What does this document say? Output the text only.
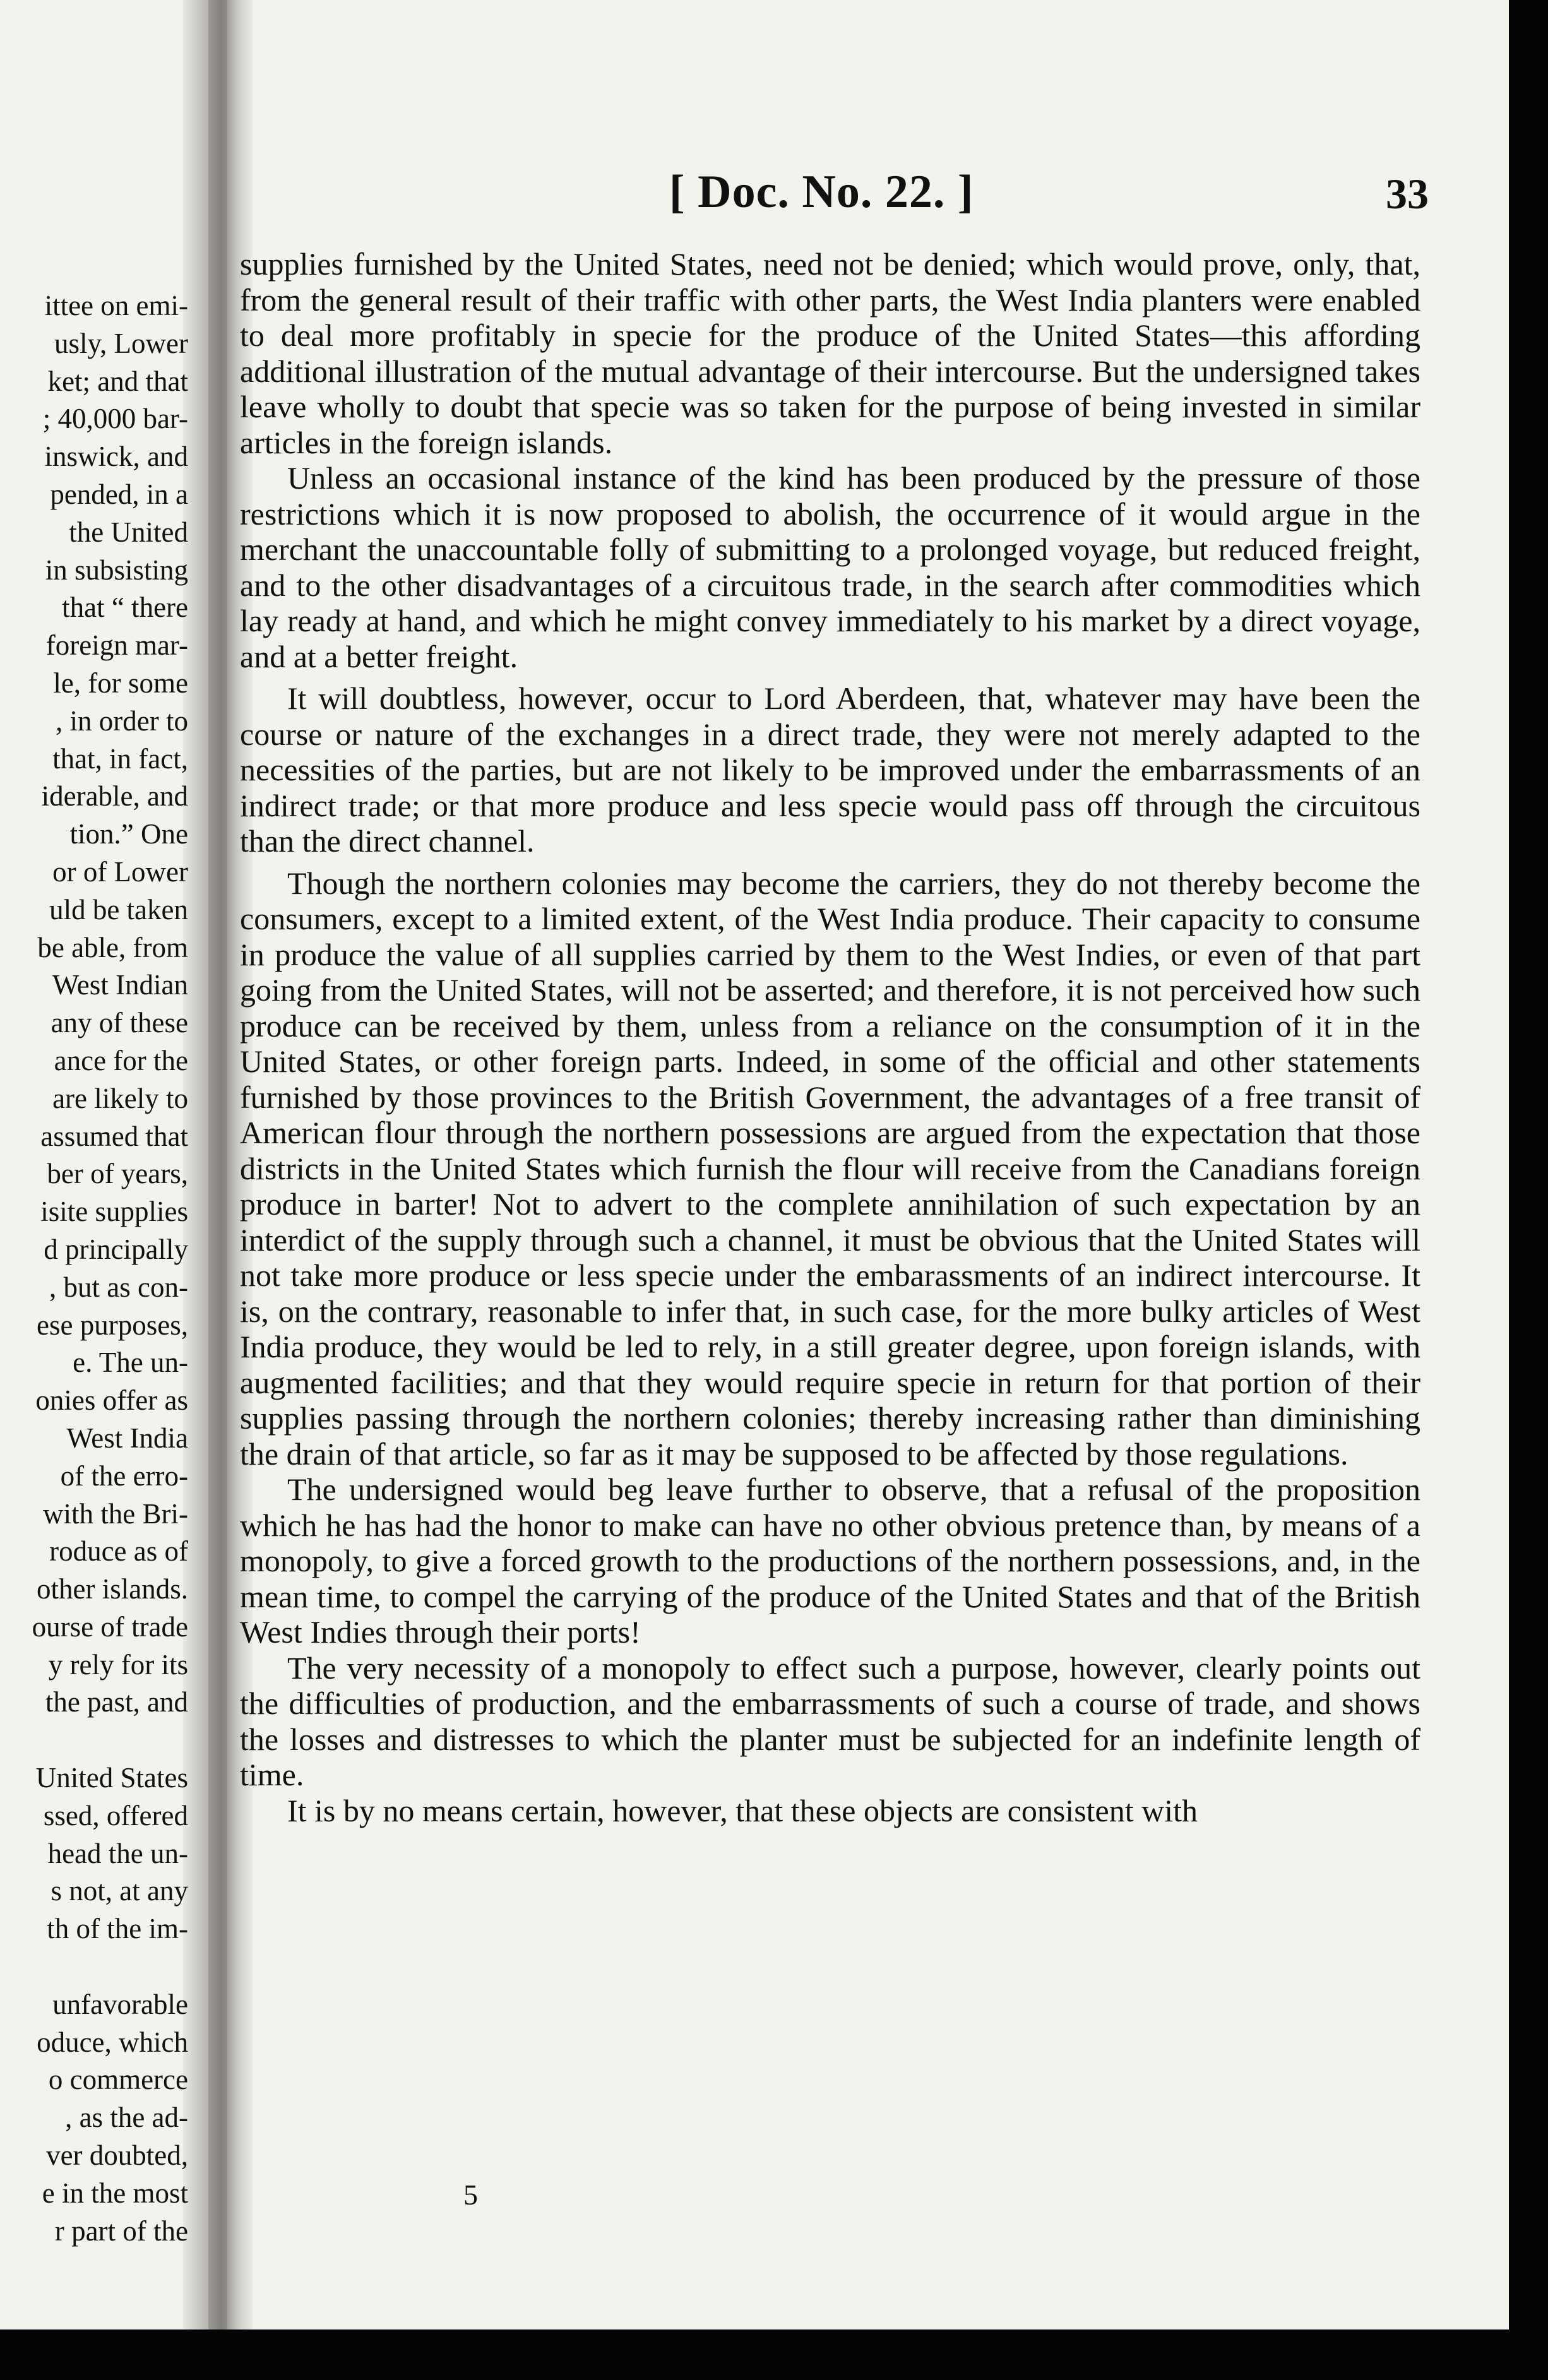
ittee on emi-
usly, Lower
ket; and that
; 40,000 bar-
inswick, and
pended, in a
the United
in subsisting
that “ there
foreign mar-
le, for some
, in order to
that, in fact,
iderable, and
tion.” One
or of Lower
uld be taken
be able, from
West Indian
any of these
ance for the
are likely to
assumed that
ber of years,
isite supplies
d principally
, but as con-
ese purposes,
e. The un-
onies offer as
West India
of the erro-
with the Bri-
roduce as of
other islands.
ourse of trade
y rely for its
the past, and
United States
ssed, offered
head the un-
s not, at any
th of the im-
unfavorable
oduce, which
o commerce
, as the ad-
ver doubted,
e in the most
r part of the
[ Doc. No. 22. ]	33

supplies furnished by the United States, need not be denied; which would prove, only, that, from the general result of their traffic with other parts, the West India planters were enabled to deal more profitably in specie for the produce of the United States—this affording additional illustration of the mutual advantage of their intercourse. But the undersigned takes leave wholly to doubt that specie was so taken for the purpose of being invested in similar articles in the foreign islands.

Unless an occasional instance of the kind has been produced by the pressure of those restrictions which it is now proposed to abolish, the occurrence of it would argue in the merchant the unaccountable folly of submitting to a prolonged voyage, but reduced freight, and to the other disadvantages of a circuitous trade, in the search after commodities which lay ready at hand, and which he might convey immediately to his market by a direct voyage, and at a better freight.

It will doubtless, however, occur to Lord Aberdeen, that, whatever may have been the course or nature of the exchanges in a direct trade, they were not merely adapted to the necessities of the parties, but are not likely to be improved under the embarrassments of an indirect trade; or that more produce and less specie would pass off through the circuitous than the direct channel.

Though the northern colonies may become the carriers, they do not thereby become the consumers, except to a limited extent, of the West India produce. Their capacity to consume in produce the value of all supplies carried by them to the West Indies, or even of that part going from the United States, will not be asserted; and therefore, it is not perceived how such produce can be received by them, unless from a reliance on the consumption of it in the United States, or other foreign parts. Indeed, in some of the official and other statements furnished by those provinces to the British Government, the advantages of a free transit of American flour through the northern possessions are argued from the expectation that those districts in the United States which furnish the flour will receive from the Canadians foreign produce in barter! Not to advert to the complete annihilation of such expectation by an interdict of the supply through such a channel, it must be obvious that the United States will not take more produce or less specie under the embarassments of an indirect intercourse. It is, on the contrary, reasonable to infer that, in such case, for the more bulky articles of West India produce, they would be led to rely, in a still greater degree, upon foreign islands, with augmented facilities; and that they would require specie in return for that portion of their supplies passing through the northern colonies; thereby increasing rather than diminishing the drain of that article, so far as it may be supposed to be affected by those regulations.

The undersigned would beg leave further to observe, that a refusal of the proposition which he has had the honor to make can have no other obvious pretence than, by means of a monopoly, to give a forced growth to the productions of the northern possessions, and, in the mean time, to compel the carrying of the produce of the United States and that of the British West Indies through their ports!

The very necessity of a monopoly to effect such a purpose, however, clearly points out the difficulties of production, and the embarrassments of such a course of trade, and shows the losses and distresses to which the planter must be subjected for an indefinite length of time.

It is by no means certain, however, that these objects are consistent with

5
